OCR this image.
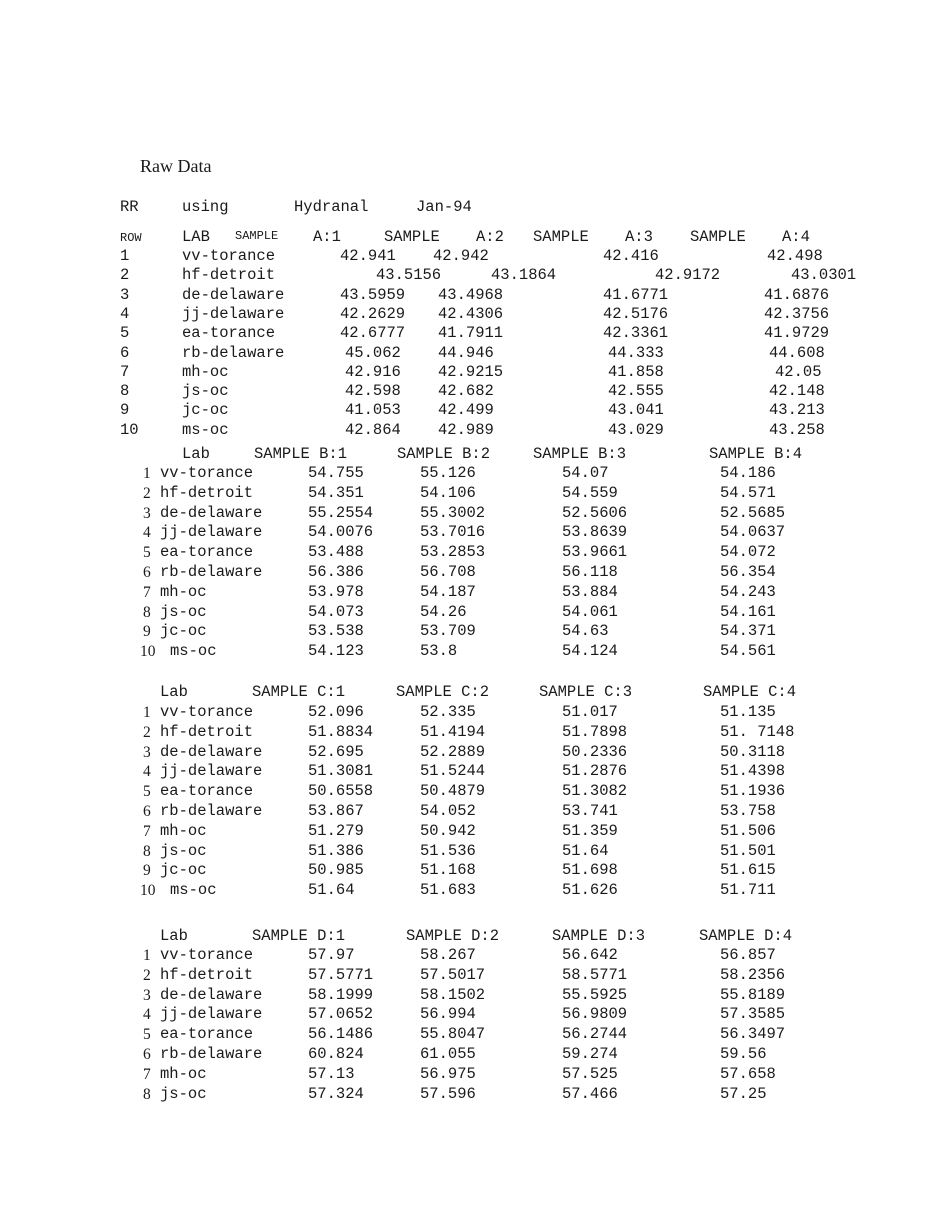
Raw Data
RR	using	Hydranal	Jan-94
ROW	LAB SAMPLE A:1	SAMPLE A:2 SAMPLE A:3 SAMPLE A:4
1	vv-torance	42.941 42.942	42.416	42.498
2	hf-detroit	43.5156	43.1864	42.9172	43.0301
3	de-delaware	43.5959 43.4968	41.6771	41.6876
4	jj-delaware	42.2629 42.4306	42.5176	42.3756
5	ea-torance	42.6777 41.7911	42.3361	41.9729
6	rb-delaware	45.062 44.946	44.333	44.608
7	mh-oc	42.916 42.9215	41.858	42.05
8	js-oc	42.598 42.682	42.555	42.148
9	jc-oc	41.053 42.499	43.041	43.213
10	ms-oc	42.864 42.989	43.029	43.258
Lab	SAMPLE B:1	SAMPLE B:2	SAMPLE B:3	SAMPLE B:4
1 vv-torance	54.755	55.126	54.07	54.186
2 hf-detroit	54.351	54.106	54.559	54.571
3 de-delaware	55.2554	55.3002	52.5606	52.5685
4 jj-delaware	54.0076	53.7016	53.8639	54.0637
5 ea-torance	53.488	53.2853	53.9661	54.072
6 rb-delaware	56.386	56.708	56.118	56.354
7 mh-oc	53.978	54.187	53.884	54.243
8 js-oc	54.073	54.26	54.061	54.161
9 jc-oc	53.538	53.709	54.63	54.371
10 ms-oc	54.123	53.8	54.124	54.561
Lab	SAMPLE C:1	SAMPLE C:2	SAMPLE C:3	SAMPLE C:4
1 vv-torance	52.096	52.335	51.017	51.135
2 hf-detroit	51.8834	51.4194	51.7898	51. 7148
3 de-delaware	52.695	52.2889	50.2336	50.3118
4 jj-delaware	51.3081	51.5244	51.2876	51.4398
5 ea-torance	50.6558	50.4879	51.3082	51.1936
6 rb-delaware	53.867	54.052	53.741	53.758
7 mh-oc	51.279	50.942	51.359	51.506
8 js-oc	51.386	51.536	51.64	51.501
9 jc-oc	50.985	51.168	51.698	51.615
10 ms-oc	51.64	51.683	51.626	51.711
Lab	SAMPLE D:1	SAMPLE D:2	SAMPLE D:3	SAMPLE D:4
1 vv-torance	57.97	58.267	56.642	56.857
2 hf-detroit	57.5771	57.5017	58.5771	58.2356
3 de-delaware	58.1999	58.1502	55.5925	55.8189
4 jj-delaware	57.0652	56.994	56.9809	57.3585
5 ea-torance	56.1486	55.8047	56.2744	56.3497
6 rb-delaware	60.824	61.055	59.274	59.56
7 mh-oc	57.13	56.975	57.525	57.658
8 js-oc	57.324	57.596	57.466	57.25
